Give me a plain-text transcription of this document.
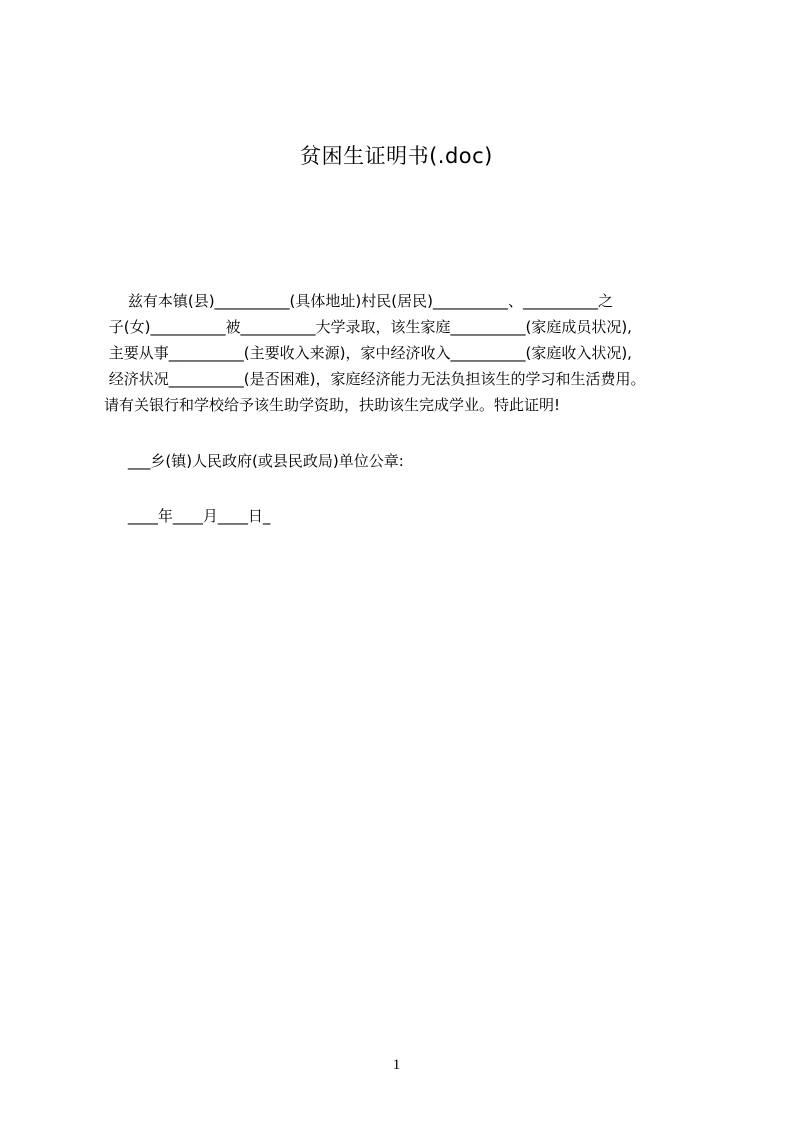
贫困生证明书(.doc)
兹有本镇(县)__________(具体地址)村民(居民)__________、__________之
子(女)__________被__________大学录取，该生家庭__________(家庭成员状况),
主要从事__________(主要收入来源)，家中经济收入__________(家庭收入状况),
经济状况__________(是否困难)，家庭经济能力无法负担该生的学习和生活费用。
请有关银行和学校给予该生助学资助，扶助该生完成学业。特此证明!
___乡(镇)人民政府(或县民政局)单位公章:
____年____月____日_
1
